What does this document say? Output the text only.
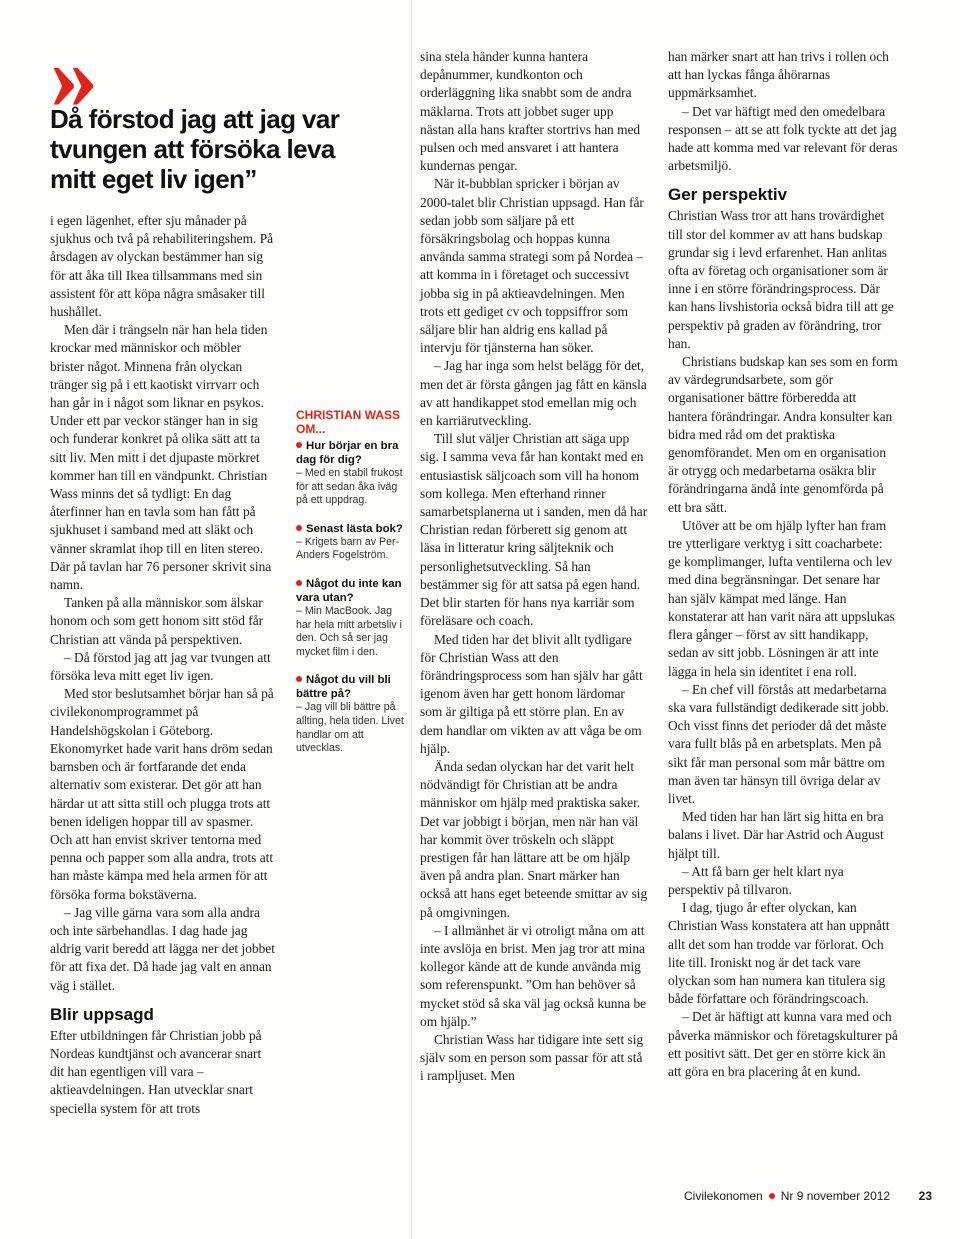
»
Då förstod jag att jag var tvungen att försöka leva mitt eget liv igen”

i egen lägenhet, efter sju månader på sjukhus och två på rehabiliteringshem. På årsdagen av olyckan bestämmer han sig för att åka till Ikea tillsammans med sin assistent för att köpa några småsaker till hushållet.

Men där i trängseln när han hela tiden krockar med människor och möbler brister något. Minnena från olyckan tränger sig på i ett kaotiskt virrvarr och han går in i något som liknar en psykos. Under ett par veckor stänger han in sig och funderar konkret på olika sätt att ta sitt liv. Men mitt i det djupaste mörkret kommer han till en vändpunkt. Christian Wass minns det så tydligt: En dag återfinner han en tavla som han fått på sjukhuset i samband med att släkt och vänner skramlat ihop till en liten stereo. Där på tavlan har 76 personer skrivit sina namn.

Tanken på alla människor som älskar honom och som gett honom sitt stöd får Christian att vända på perspektiven.

– Då förstod jag att jag var tvungen att försöka leva mitt eget liv igen.

Med stor beslutsamhet börjar han så på civilekonomprogrammet på Handelshögskolan i Göteborg. Ekonomyrket hade varit hans dröm sedan barnsben och är fortfarande det enda alternativ som existerar. Det gör att han härdar ut att sitta still och plugga trots att benen ideligen hoppar till av spasmer. Och att han envist skriver tentorna med penna och papper som alla andra, trots att han måste kämpa med hela armen för att försöka forma bokstäverna.

– Jag ville gärna vara som alla andra och inte särbehandlas. I dag hade jag aldrig varit beredd att lägga ner det jobbet för att fixa det. Då hade jag valt en annan väg i stället.

Blir uppsagd

Efter utbildningen får Christian jobb på Nordeas kundtjänst och avancerar snart dit han egentligen vill vara – aktieavdelningen. Han utvecklar snart speciella system för att trots

CHRISTIAN WASS OM...
Hur börjar en bra dag för dig?
– Med en stabil frukost för att sedan åka iväg på ett uppdrag.
Senast lästa bok?
– Krigets barn av Per-Anders Fogelström.
Något du inte kan vara utan?
– Min MacBook. Jag har hela mitt arbetsliv i den. Och så ser jag mycket film i den.
Något du vill bli bättre på?
– Jag vill bli bättre på allting, hela tiden. Livet handlar om att utvecklas.

sina stela händer kunna hantera depånummer, kundkonton och orderläggning lika snabbt som de andra mäklarna. Trots att jobbet suger upp nästan alla hans krafter stortrivs han med pulsen och med ansvaret i att hantera kundernas pengar.

När it-bubblan spricker i början av 2000-talet blir Christian uppsagd. Han får sedan jobb som säljare på ett försäkringsbolag och hoppas kunna använda samma strategi som på Nordea – att komma in i företaget och successivt jobba sig in på aktieavdelningen. Men trots ett gediget cv och toppsiffror som säljare blir han aldrig ens kallad på intervju för tjänsterna han söker.

– Jag har inga som helst belägg för det, men det är första gången jag fått en känsla av att handikappet stod emellan mig och en karriärutveckling.

Till slut väljer Christian att säga upp sig. I samma veva får han kontakt med en entusiastisk säljcoach som vill ha honom som kollega. Men efterhand rinner samarbetsplanerna ut i sanden, men då har Christian redan förberett sig genom att läsa in litteratur kring säljteknik och personlighetsutveckling. Så han bestämmer sig för att satsa på egen hand. Det blir starten för hans nya karriär som föreläsare och coach.

Med tiden har det blivit allt tydligare för Christian Wass att den förändringsprocess som han själv har gått igenom även har gett honom lärdomar som är giltiga på ett större plan. En av dem handlar om vikten av att våga be om hjälp.

Ända sedan olyckan har det varit helt nödvändigt för Christian att be andra människor om hjälp med praktiska saker. Det var jobbigt i början, men när han väl har kommit över tröskeln och släppt prestigen får han lättare att be om hjälp även på andra plan. Snart märker han också att hans eget beteende smittar av sig på omgivningen.

– I allmänhet är vi otroligt måna om att inte avslöja en brist. Men jag tror att mina kollegor kände att de kunde använda mig som referenspunkt. ”Om han behöver så mycket stöd så ska väl jag också kunna be om hjälp.”

Christian Wass har tidigare inte sett sig själv som en person som passar för att stå i rampljuset. Men

han märker snart att han trivs i rollen och att han lyckas fånga åhörarnas uppmärksamhet.

– Det var häftigt med den omedelbara responsen – att se att folk tyckte att det jag hade att komma med var relevant för deras arbetsmiljö.

Ger perspektiv

Christian Wass tror att hans trovärdighet till stor del kommer av att hans budskap grundar sig i levd erfarenhet. Han anlitas ofta av företag och organisationer som är inne i en större förändringsprocess. Där kan hans livshistoria också bidra till att ge perspektiv på graden av förändring, tror han.

Christians budskap kan ses som en form av värdegrundsarbete, som gör organisationer bättre förberedda att hantera förändringar. Andra konsulter kan bidra med råd om det praktiska genomförandet. Men om en organisation är otrygg och medarbetarna osäkra blir förändringarna ändå inte genomförda på ett bra sätt.

Utöver att be om hjälp lyfter han fram tre ytterligare verktyg i sitt coacharbete: ge komplimanger, lufta ventilerna och lev med dina begränsningar. Det senare har han själv kämpat med länge. Han konstaterar att han varit nära att uppslukas flera gånger – först av sitt handikapp, sedan av sitt jobb. Lösningen är att inte lägga in hela sin identitet i ena roll.

– En chef vill förstås att medarbetarna ska vara fullständigt dedikerade sitt jobb. Och visst finns det perioder då det måste vara fullt blås på en arbetsplats. Men på sikt får man personal som mår bättre om man även tar hänsyn till övriga delar av livet.

Med tiden har han lärt sig hitta en bra balans i livet. Där har Astrid och August hjälpt till.

– Att få barn ger helt klart nya perspektiv på tillvaron.

I dag, tjugo år efter olyckan, kan Christian Wass konstatera att han uppnått allt det som han trodde var förlorat. Och lite till. Ironiskt nog är det tack vare olyckan som han numera kan titulera sig både författare och förändringscoach.

– Det är häftigt att kunna vara med och påverka människor och företagskulturer på ett positivt sätt. Det ger en större kick än att göra en bra placering åt en kund.

Civilekonomen Nr 9 november 2012 23
